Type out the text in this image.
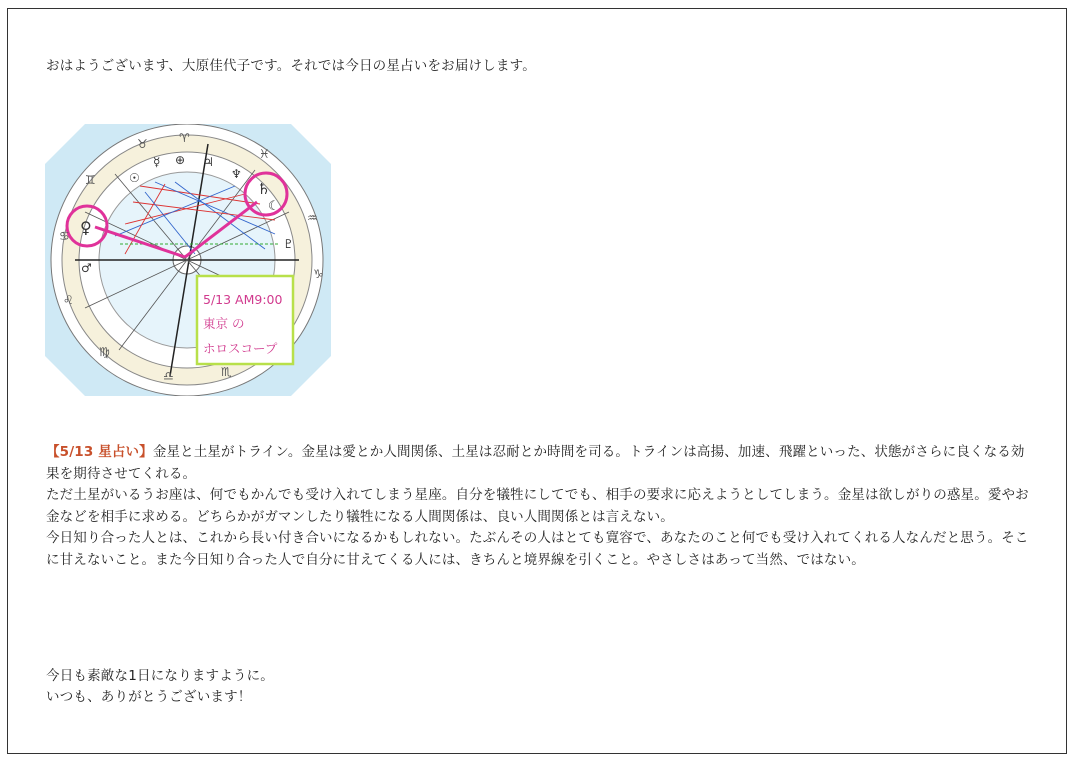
おはようございます、大原佳代子です。それでは今日の星占いをお届けします。
♀
♄
☾
☉
☿ ⊕ ♃
♆
♇
♂
♉	♈
♓
♒
♑
♊
♋
♌
♍
♎	♏
5/13 AM9:00
東京 の
ホロスコープ

【5/13 星占い】金星と土星がトライン。金星は愛とか人間関係、土星は忍耐とか時間を司る。トラインは高揚、加速、飛躍といった、状態がさらに良くなる効果を期待させてくれる。

ただ土星がいるうお座は、何でもかんでも受け入れてしまう星座。自分を犠牲にしてでも、相手の要求に応えようとしてしまう。金星は欲しがりの惑星。愛やお金などを相手に求める。どちらかがガマンしたり犠牲になる人間関係は、良い人間関係とは言えない。

今日知り合った人とは、これから長い付き合いになるかもしれない。たぶんその人はとても寛容で、あなたのこと何でも受け入れてくれる人なんだと思う。そこに甘えないこと。また今日知り合った人で自分に甘えてくる人には、きちんと境界線を引くこと。やさしさはあって当然、ではない。

今日も素敵な1日になりますように。

いつも、ありがとうございます！
